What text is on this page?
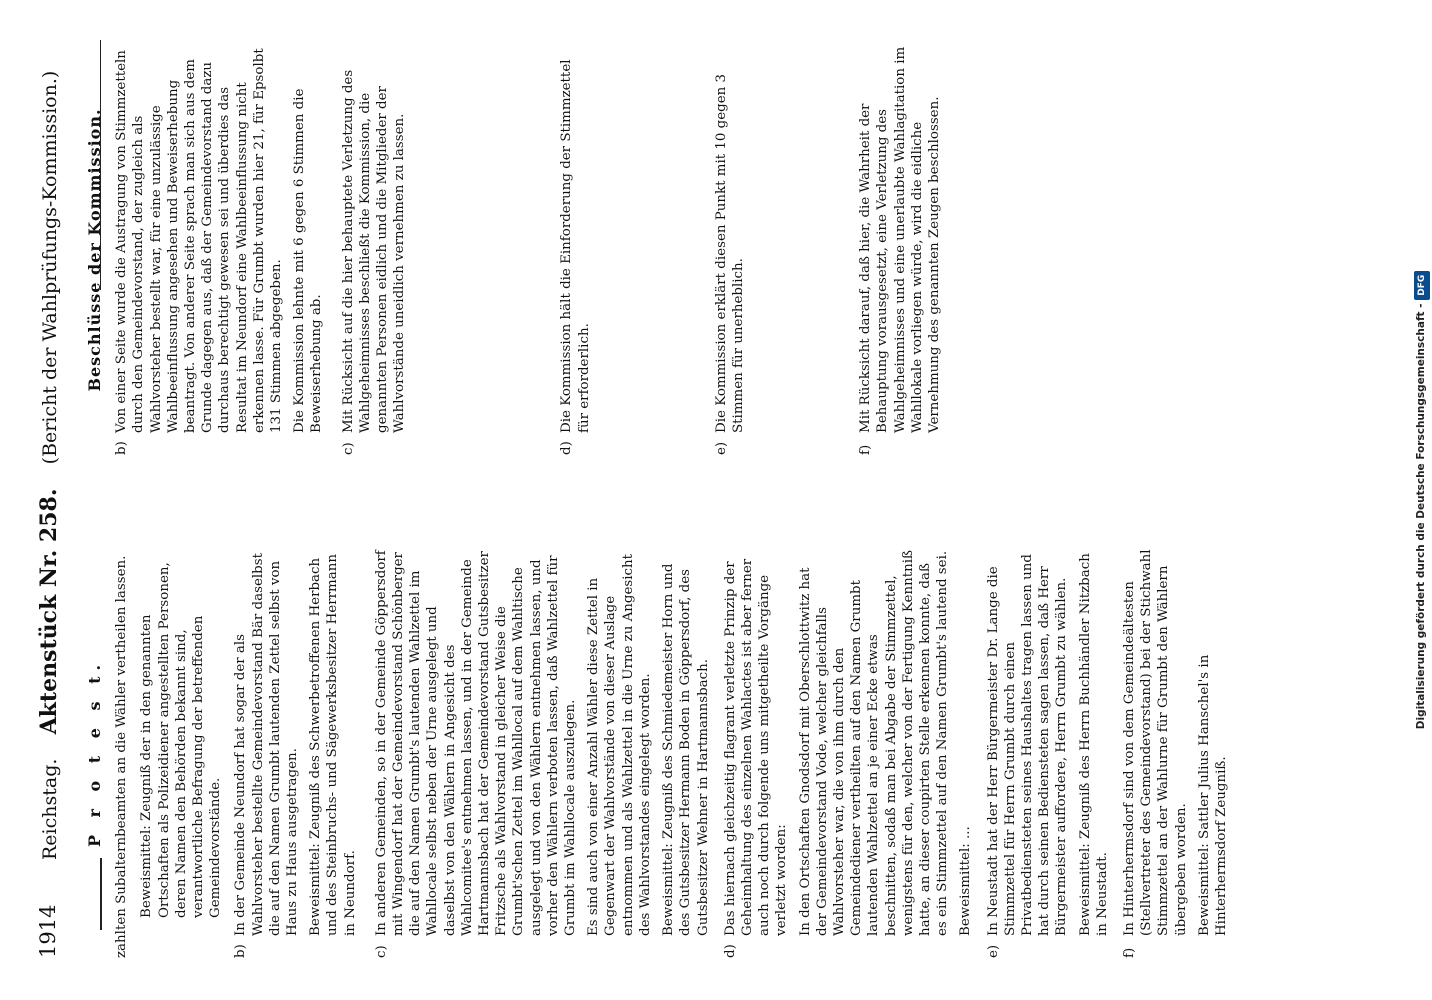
1914
Reichstag.    Aktenstück Nr. 258.    (Bericht der Wahlprüfungs-Kommission.)
P r o t e s t. zahlten Subalternbeamten an die Wähler vertheilen lassen. Beweismittel: Zeugniß der in den genannten Ortschaften als Polizeidiener angestellten Personen, deren Namen den Behörden bekannt sind, verantwortliche Befragung der betreffenden Gemeindevorstände.
b)
In der Gemeinde Neundorf hat sogar der als Wahlvorsteher bestellte Gemeindevorstand Bär daselbst die auf den Namen Grumbt lautenden Zettel selbst von Haus zu Haus ausgetragen. Beweismittel: Zeugniß des Schwerbetroffenen Herbach und des Steinbruchs- und Sägewerksbesitzer Herrmann in Neundorf.
c)
In anderen Gemeinden, so in der Gemeinde Göppersdorf mit Wingendorf hat der Gemeindevorstand Schönberger die auf den Namen Grumbt's lautenden Wahlzettel im Wahllocale selbst neben der Urne ausgelegt und daselbst von den Wählern in Angesicht des Wahlcomitee's entnehmen lassen, und in der Gemeinde Hartmannsbach hat der Gemeindevorstand Gutsbesitzer Fritzsche als Wahlvorstand in gleicher Weise die Grumbt'schen Zettel im Wahllocal auf dem Wahltische ausgelegt und von den Wählern entnehmen lassen, und vorher den Wählern verboten lassen, daß Wahlzettel für Grumbt im Wahllocale auszulegen. Es sind auch von einer Anzahl Wähler diese Zettel in Gegenwart der Wahlvorstände von dieser Auslage entnommen und als Wahlzettel in die Urne zu Angesicht des Wahlvorstandes eingelegt worden. Beweismittel: Zeugniß des Schmiedemeister Horn und des Gutsbesitzer Hermann Boden in Göppersdorf, des Gutsbesitzer Wehner in Hartmannsbach.
d)
Das hiernach gleichzeitig flagrant verletzte Prinzip der Geheimhaltung des einzelnen Wahlactes ist aber ferner auch noch durch folgende uns mitgetheilte Vorgänge verletzt worden: In den Ortschaften Gnodsdorf mit Oberschlottwitz hat der Gemeindevorstand Vode, welcher gleichfalls Wahlvorsteher war, die von ihm durch den Gemeindediener vertheilten auf den Namen Grumbt lautenden Wahlzettel an je einer Ecke etwas beschnitten, sodaß man bei Abgabe der Stimmzettel, wenigstens für den, welcher von der Fertigung Kenntniß hatte, an dieser coupirten Stelle erkennen konnte, daß es ein Stimmzettel auf den Namen Grumbt's lautend sei. Beweismittel: ...
e)
In Neustadt hat der Herr Bürgermeister Dr. Lange die Stimmzettel für Herrn Grumbt durch einen Privatbediensteten seines Haushaltes tragen lassen und hat durch seinen Bediensteten sagen lassen, daß Herr Bürgermeister auffordere, Herrn Grumbt zu wählen. Beweismittel: Zeugniß des Herrn Buchhändler Nitzbach in Neustadt.
f)
In Hinterhermsdorf sind von dem Gemeindeältesten (Stellvertreter des Gemeindevorstand) bei der Stichwahl Stimmzettel an der Wahlurne für Grumbt den Wählern übergeben worden. Beweismittel: Sattler Julius Hanschel's in Hinterhermsdorf Zeugniß.
Beschlüsse der Kommission.
b)
Von einer Seite wurde die Austragung von Stimmzetteln durch den Gemeindevorstand, der zugleich als Wahlvorsteher bestellt war, für eine unzulässige Wahlbeeinflussung angesehen und Beweiserhebung beantragt. Von anderer Seite sprach man sich aus dem Grunde dagegen aus, daß der Gemeindevorstand dazu durchaus berechtigt gewesen sei und überdies das Resultat im Neundorf eine Wahlbeeinflussung nicht erkennen lasse. Für Grumbt wurden hier 21, für Epsolbt 131 Stimmen abgegeben. Die Kommission lehnte mit 6 gegen 6 Stimmen die Beweiserhebung ab.
c)
Mit Rücksicht auf die hier behauptete Verletzung des Wahlgeheimnisses beschließt die Kommission, die genannten Personen eidlich und die Mitglieder der Wahlvorstände uneidlich vernehmen zu lassen.
d)
Die Kommission hält die Einforderung der Stimmzettel für erforderlich.
e)
Die Kommission erklärt diesen Punkt mit 10 gegen 3 Stimmen für unerheblich.
f)
Mit Rücksicht darauf, daß hier, die Wahrheit der Behauptung vorausgesetzt, eine Verletzung des Wahlgeheimnisses und eine unerlaubte Wahlagitation im Wahllokale vorliegen würde, wird die eidliche Vernehmung des genannten Zeugen beschlossen.
Digitalisierung gefördert durch die Deutsche Forschungsgemeinschaft - DFG
